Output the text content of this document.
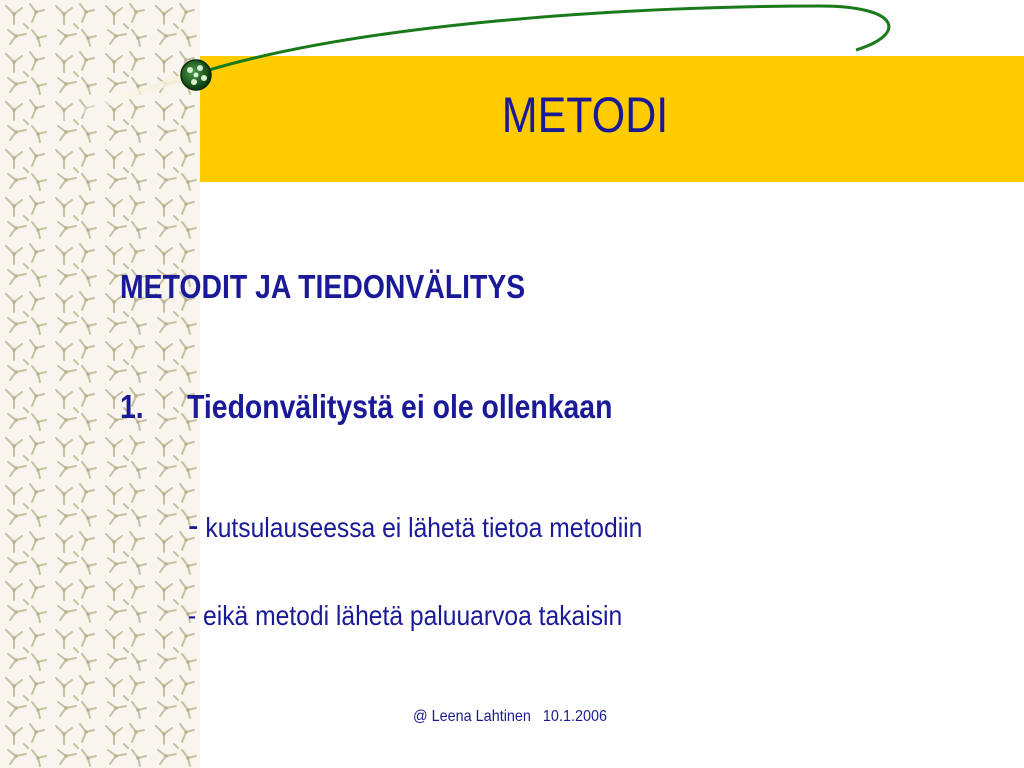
METODI
METODIT JA TIEDONVÄLITYS
1. Tiedonvälitystä ei ole ollenkaan
- kutsulauseessa ei lähetä tietoa metodiin
- eikä metodi lähetä paluuarvoa takaisin
@ Leena Lahtinen   10.1.2006
